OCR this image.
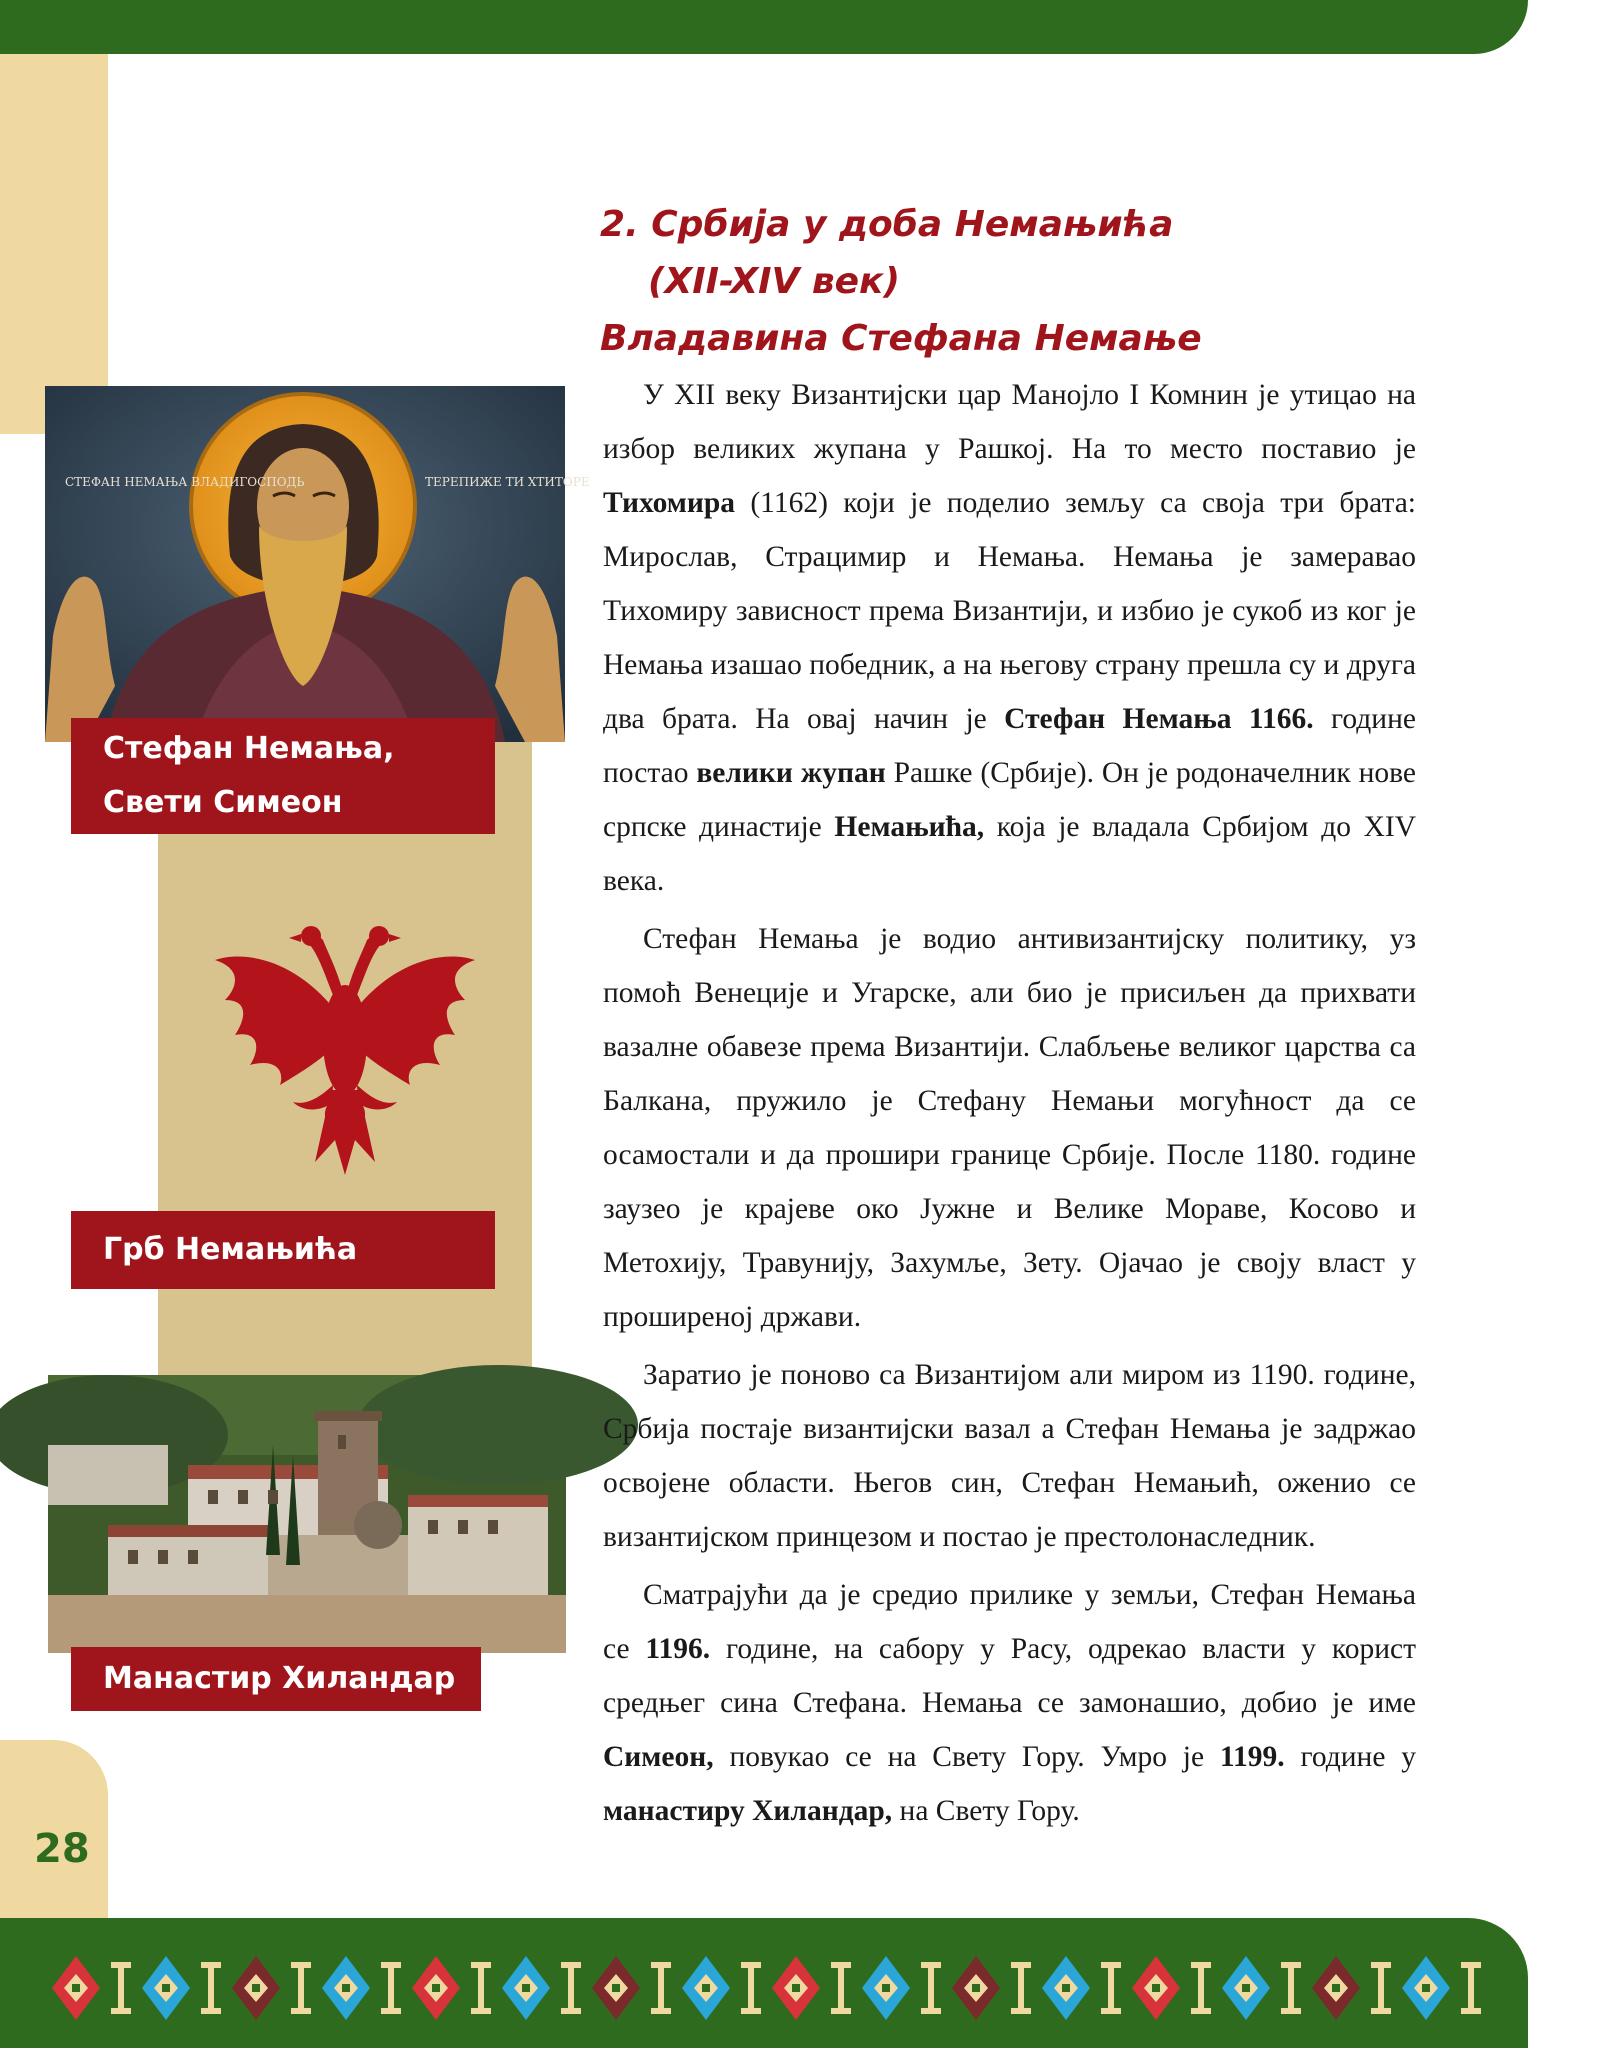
СТЕФАН НЕМАЊА ВЛАДИГОСПОДЬ	ТЕРЕПИЖЕ ТИ ХТИТОРЕ
Стефан Немања,
Свети Симеон
Грб Немањића
Манастир Хиландар
2. Србија у доба Немањића
(XII-XIV век)
Владавина Стефана Немање

У XII веку Византијски цар Манојло I Комнин је утицао на избор великих жупана у Рашкој. На то место поставио је Тихомира (1162) који је поделио земљу са своја три брата: Мирослав, Страцимир и Немања. Немања је замеравао Тихомиру зависност према Византији, и избио је сукоб из ког је Немања изашао победник, а на његову страну прешла су и друга два брата. На овај начин је Стефан Немања 1166. године постао велики жупан Рашке (Србије). Он је родоначелник нове српске династије Немањића, која је владала Србијом до XIV века.

Стефан Немања је водио антивизантијску политику, уз помоћ Венеције и Угарске, али био је присиљен да прихвати вазалне обавезе према Византији. Слабљење великог царства са Балкана, пружило је Стефану Немањи могућност да се осамостали и да прошири границе Србије. После 1180. године заузео је крајеве око Јужне и Велике Мораве, Косово и Метохију, Травунију, Захумље, Зету. Ојачао је своју власт у проширеној држави.

Заратио је поново са Византијом али миром из 1190. године, Србија постаје византијски вазал а Стефан Немања је задржао освојене области. Његов син, Стефан Немањић, оженио се византијском принцезом и постао је престолонаследник.

Сматрајући да је средио прилике у земљи, Стефан Немања се 1196. године, на сабору у Расу, одрекао власти у корист средњег сина Стефана. Немања се замонашио, добио је име Симеон, повукао се на Свету Гору. Умро је 1199. године у манастиру Хиландар, на Свету Гору.

28
